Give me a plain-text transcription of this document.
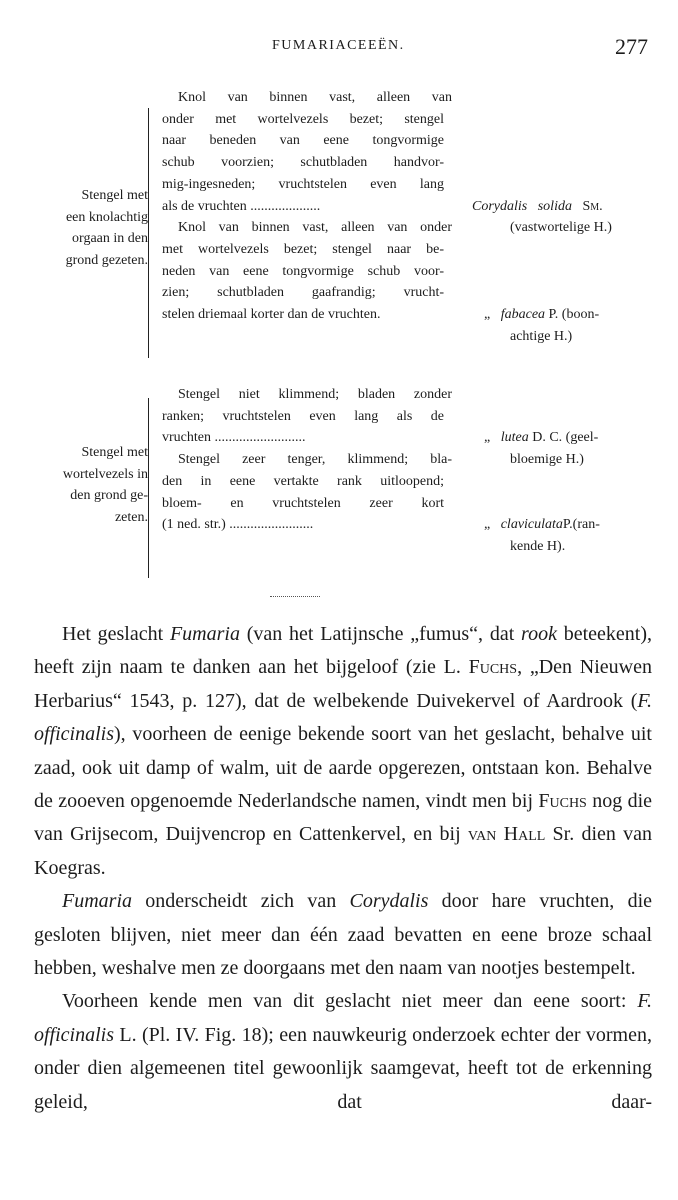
FUMARIACEEËN.	277
Stengel met
een knolachtig
orgaan in den
grond gezeten.
Knol van binnen vast, alleen van
onder met wortelvezels bezet; stengel
naar beneden van eene tongvormige
schub voorzien; schutbladen handvor-
mig-ingesneden; vruchtstelen even lang
als de vruchten ....................	Corydalis solida Sm.
(vastwortelige H.)
Knol van binnen vast, alleen van onder
met wortelvezels bezet; stengel naar be-
neden van eene tongvormige schub voor-
zien; schutbladen gaafrandig; vrucht-
stelen driemaal korter dan de vruchten.	„ fabacea P. (boon-
achtige H.)
Stengel met
wortelvezels in
den grond ge-
zeten.
Stengel niet klimmend; bladen zonder
ranken; vruchtstelen even lang als de
vruchten ..........................	„ lutea D. C. (geel-
bloemige H.)
Stengel zeer tenger, klimmend; bla-
den in eene vertakte rank uitloopend;
bloem-  en  vruchtstelen  zeer  kort
(1 ned. str.) ........................	„ claviculataP.(ran-
kende H).

Het geslacht Fumaria (van het Latijnsche „fumus“, dat rook beteekent), heeft zijn naam te danken aan het bijgeloof (zie L. Fuchs, „Den Nieuwen Herbarius“ 1543, p. 127), dat de welbekende Duivekervel of Aardrook (F. officinalis), voorheen de eenige bekende soort van het geslacht, behalve uit zaad, ook uit damp of walm, uit de aarde opgerezen, ontstaan kon. Behalve de zooeven opgenoemde Nederlandsche namen, vindt men bij Fuchs nog die van Grijsecom, Duijvencrop en Cattenkervel, en bij van Hall Sr. dien van Koegras.

Fumaria onderscheidt zich van Corydalis door hare vruchten, die gesloten blijven, niet meer dan één zaad bevatten en eene broze schaal hebben, weshalve men ze doorgaans met den naam van nootjes bestempelt.

Voorheen kende men van dit geslacht niet meer dan eene soort: F. officinalis L. (Pl. IV. Fig. 18); een nauwkeurig onderzoek echter der vormen, onder dien algemeenen titel gewoonlijk saamgevat, heeft tot de erkenning geleid, dat daar-
